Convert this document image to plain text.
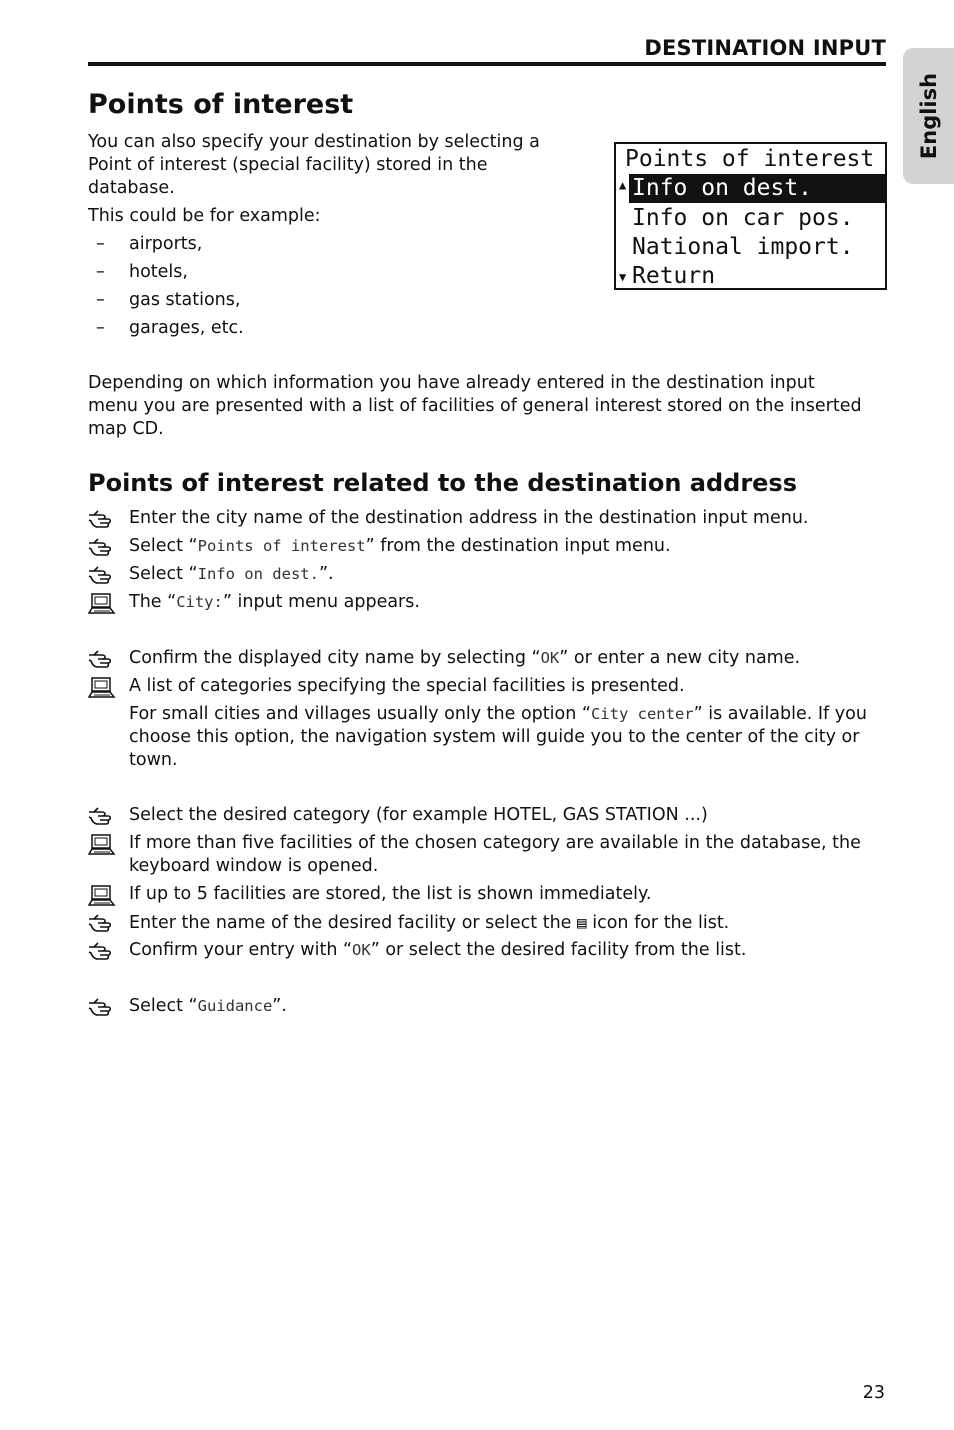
DESTINATION INPUT
English
Points of interest

You can also specify your destination by selecting a Point of interest (special facility) stored in the database.

This could be for example:

– airports,
– hotels,
– gas stations,
– garages, etc.
Points of interest
▲ Info on dest.
Info on car pos.
National import.
Return
▼

Depending on which information you have already entered in the destination input menu you are presented with a list of facilities of general interest stored on the inserted map CD.

Points of interest related to the destination address
Enter the city name of the destination address in the destination input menu.
Select “Points of interest” from the destination input menu.
Select “Info on dest.”.
The “City:” input menu appears.
Confirm the displayed city name by selecting “OK” or enter a new city name.
A list of categories specifying the special facilities is presented.
For small cities and villages usually only the option “City center” is available. If you choose this option, the navigation system will guide you to the center of the city or town.
Select the desired category (for example HOTEL, GAS STATION ...)
If more than five facilities of the chosen category are available in the database, the keyboard window is opened.
If up to 5 facilities are stored, the list is shown immediately.
Enter the name of the desired facility or select the ▤ icon for the list.
Confirm your entry with “OK” or select the desired facility from the list.
Select “Guidance”.
23
